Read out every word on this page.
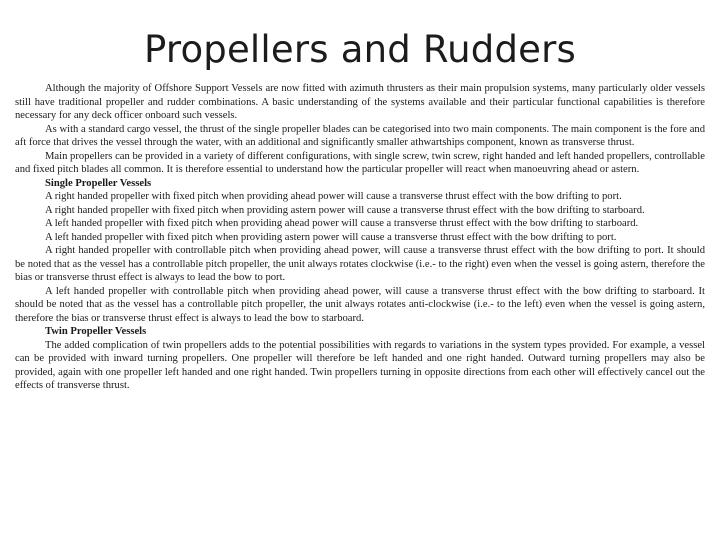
Propellers and Rudders

Although the majority of Offshore Support Vessels are now fitted with azimuth thrusters as their main propulsion systems, many particularly older vessels still have traditional propeller and rudder combinations. A basic understanding of the systems available and their particular functional capabilities is therefore necessary for any deck officer onboard such vessels.

As with a standard cargo vessel, the thrust of the single propeller blades can be categorised into two main components. The main component is the fore and aft force that drives the vessel through the water, with an additional and significantly smaller athwartships component, known as transverse thrust.

Main propellers can be provided in a variety of different configurations, with single screw, twin screw, right handed and left handed propellers, controllable and fixed pitch blades all common. It is therefore essential to understand how the particular propeller will react when manoeuvring ahead or astern.

Single Propeller Vessels

A right handed propeller with fixed pitch when providing ahead power will cause a transverse thrust effect with the bow drifting to port.

A right handed propeller with fixed pitch when providing astern power will cause a transverse thrust effect with the bow drifting to starboard.

A left handed propeller with fixed pitch when providing ahead power will cause a transverse thrust effect with the bow drifting to starboard.

A left handed propeller with fixed pitch when providing astern power will cause a transverse thrust effect with the bow drifting to port.

A right handed propeller with controllable pitch when providing ahead power, will cause a transverse thrust effect with the bow drifting to port. It should be noted that as the vessel has a controllable pitch propeller, the unit always rotates clockwise (i.e.- to the right) even when the vessel is going astern, therefore the bias or transverse thrust effect is always to lead the bow to port.

A left handed propeller with controllable pitch when providing ahead power, will cause a transverse thrust effect with the bow drifting to starboard. It should be noted that as the vessel has a controllable pitch propeller, the unit always rotates anti-clockwise (i.e.- to the left) even when the vessel is going astern, therefore the bias or transverse thrust effect is always to lead the bow to starboard.

Twin Propeller Vessels

The added complication of twin propellers adds to the potential possibilities with regards to variations in the system types provided. For example, a vessel can be provided with inward turning propellers. One propeller will therefore be left handed and one right handed. Outward turning propellers may also be provided, again with one propeller left handed and one right handed. Twin propellers turning in opposite directions from each other will effectively cancel out the effects of transverse thrust.
